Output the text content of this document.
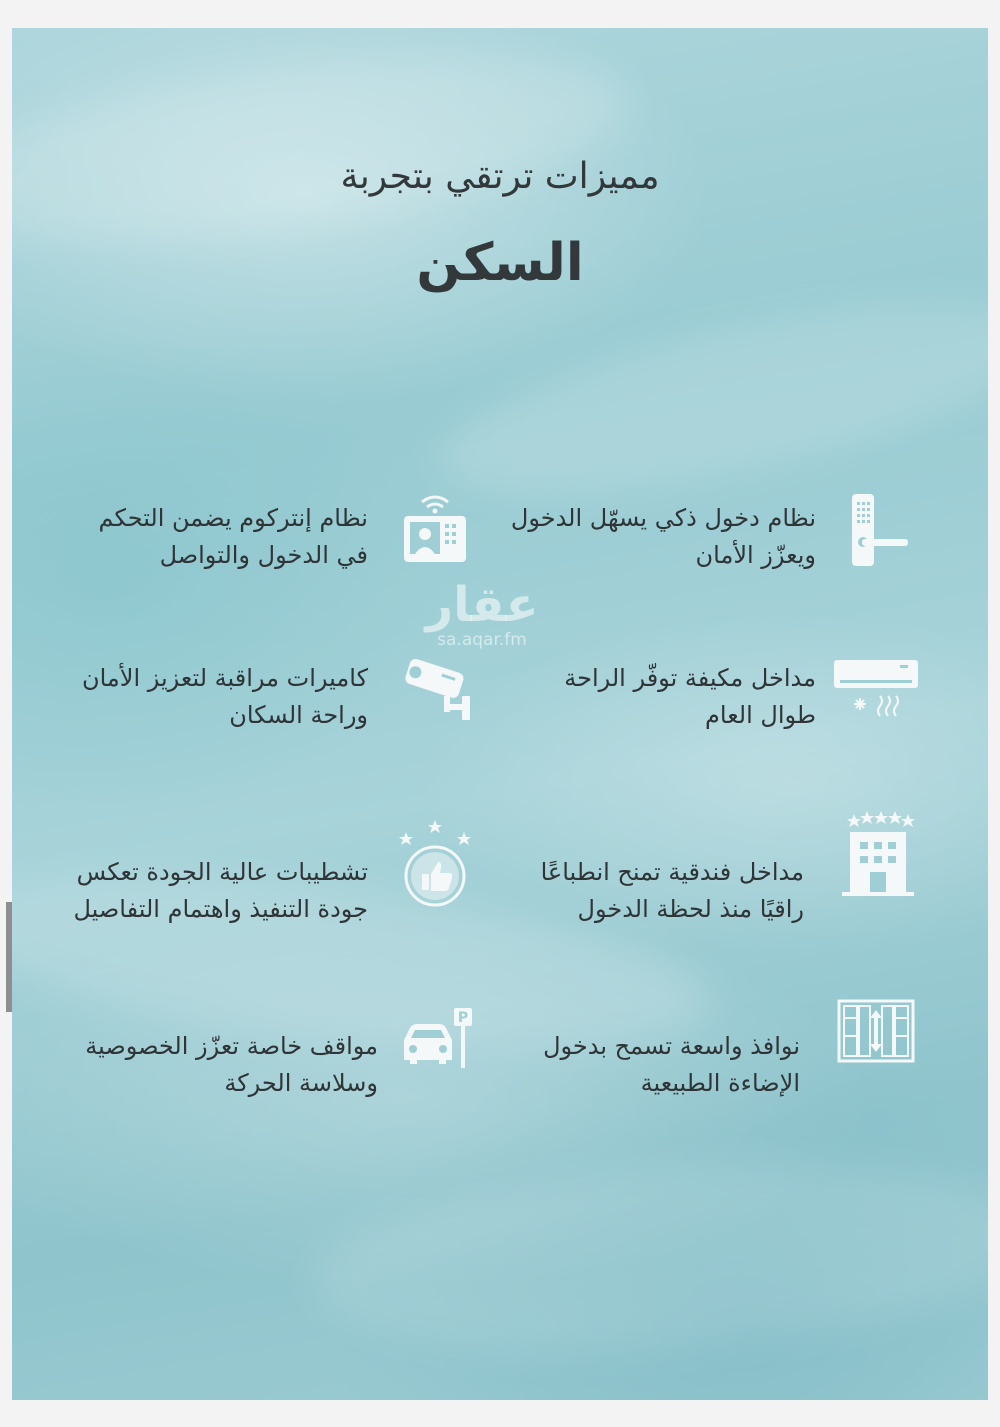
مميزات ترتقي بتجربة
السكن
نظام دخول ذكي يسهّل الدخول
ويعزّز الأمان
نظام إنتركوم يضمن التحكم
في الدخول والتواصل
عقار
sa.aqar.fm
مداخل مكيفة توفّر الراحة
طوال العام
كاميرات مراقبة لتعزيز الأمان
وراحة السكان
مداخل فندقية تمنح انطباعًا
راقيًا منذ لحظة الدخول
تشطيبات عالية الجودة تعكس
جودة التنفيذ واهتمام التفاصيل
نوافذ واسعة تسمح بدخول
الإضاءة الطبيعية
P
مواقف خاصة تعزّز الخصوصية
وسلاسة الحركة
